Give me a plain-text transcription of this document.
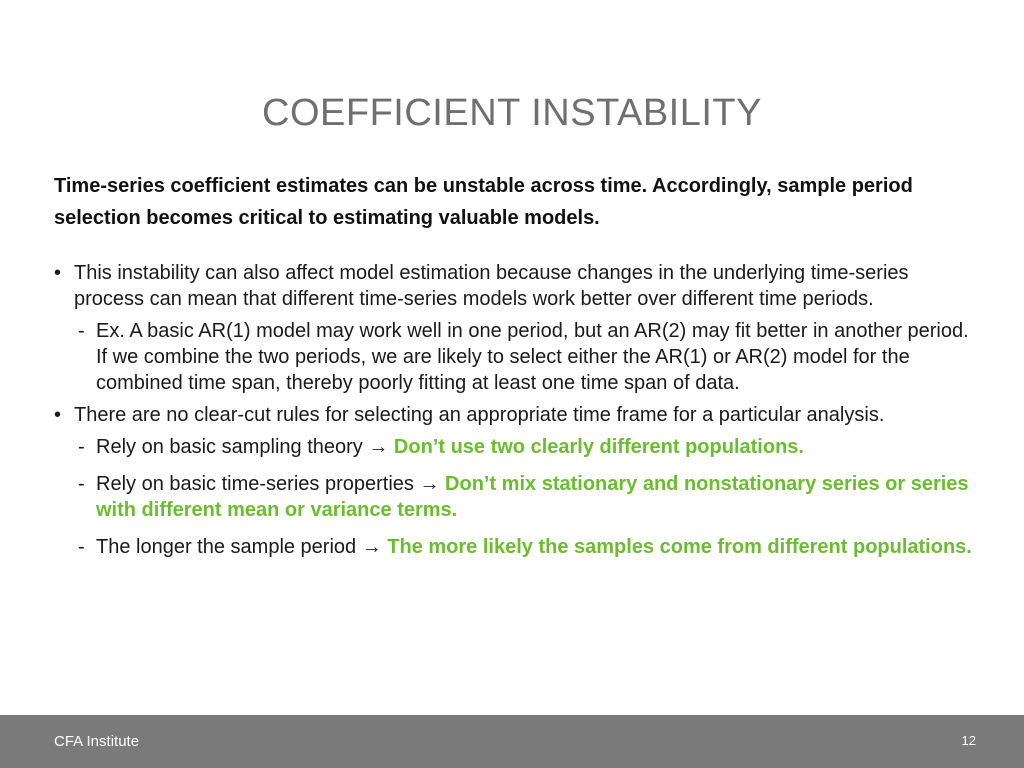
COEFFICIENT INSTABILITY

Time-series coefficient estimates can be unstable across time. Accordingly, sample period selection becomes critical to estimating valuable models.

• This instability can also affect model estimation because changes in the underlying time-series process can mean that different time-series models work better over different time periods.
- Ex. A basic AR(1) model may work well in one period, but an AR(2) may fit better in another period. If we combine the two periods, we are likely to select either the AR(1) or AR(2) model for the combined time span, thereby poorly fitting at least one time span of data.
• There are no clear-cut rules for selecting an appropriate time frame for a particular analysis.
- Rely on basic sampling theory → Don’t use two clearly different populations.
- Rely on basic time-series properties → Don’t mix stationary and nonstationary series or series with different mean or variance terms.
- The longer the sample period → The more likely the samples come from different populations.
CFA Institute	12
